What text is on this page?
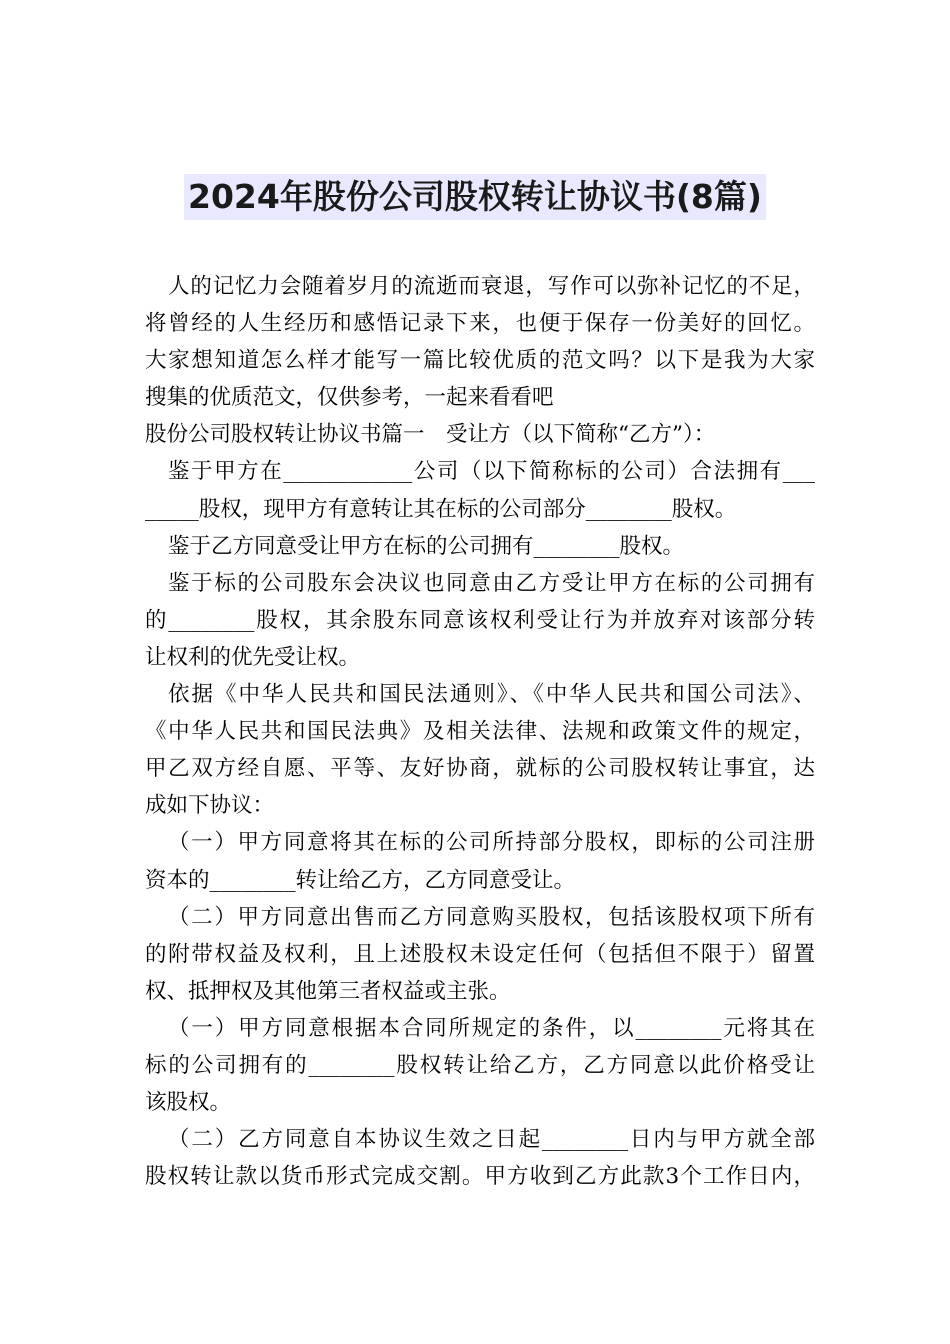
2024年股份公司股权转让协议书(8篇)
人的记忆力会随着岁月的流逝而衰退，写作可以弥补记忆的不足，
将曾经的人生经历和感悟记录下来，也便于保存一份美好的回忆。
大家想知道怎么样才能写一篇比较优质的范文吗？以下是我为大家
搜集的优质范文，仅供参考，一起来看看吧
股份公司股权转让协议书篇一　受让方（以下简称“乙方”）：
鉴于甲方在____________公司（以下简称标的公司）合法拥有___
_____股权，现甲方有意转让其在标的公司部分________股权。
鉴于乙方同意受让甲方在标的公司拥有________股权。
鉴于标的公司股东会决议也同意由乙方受让甲方在标的公司拥有
的________股权，其余股东同意该权利受让行为并放弃对该部分转
让权利的优先受让权。
依据《中华人民共和国民法通则》、《中华人民共和国公司法》、
《中华人民共和国民法典》及相关法律、法规和政策文件的规定，
甲乙双方经自愿、平等、友好协商，就标的公司股权转让事宜，达
成如下协议：
（一）甲方同意将其在标的公司所持部分股权，即标的公司注册
资本的________转让给乙方，乙方同意受让。
（二）甲方同意出售而乙方同意购买股权，包括该股权项下所有
的附带权益及权利，且上述股权未设定任何（包括但不限于）留置
权、抵押权及其他第三者权益或主张。
（一）甲方同意根据本合同所规定的条件，以________元将其在
标的公司拥有的________股权转让给乙方，乙方同意以此价格受让
该股权。
（二）乙方同意自本协议生效之日起________日内与甲方就全部
股权转让款以货币形式完成交割。甲方收到乙方此款3个工作日内，
